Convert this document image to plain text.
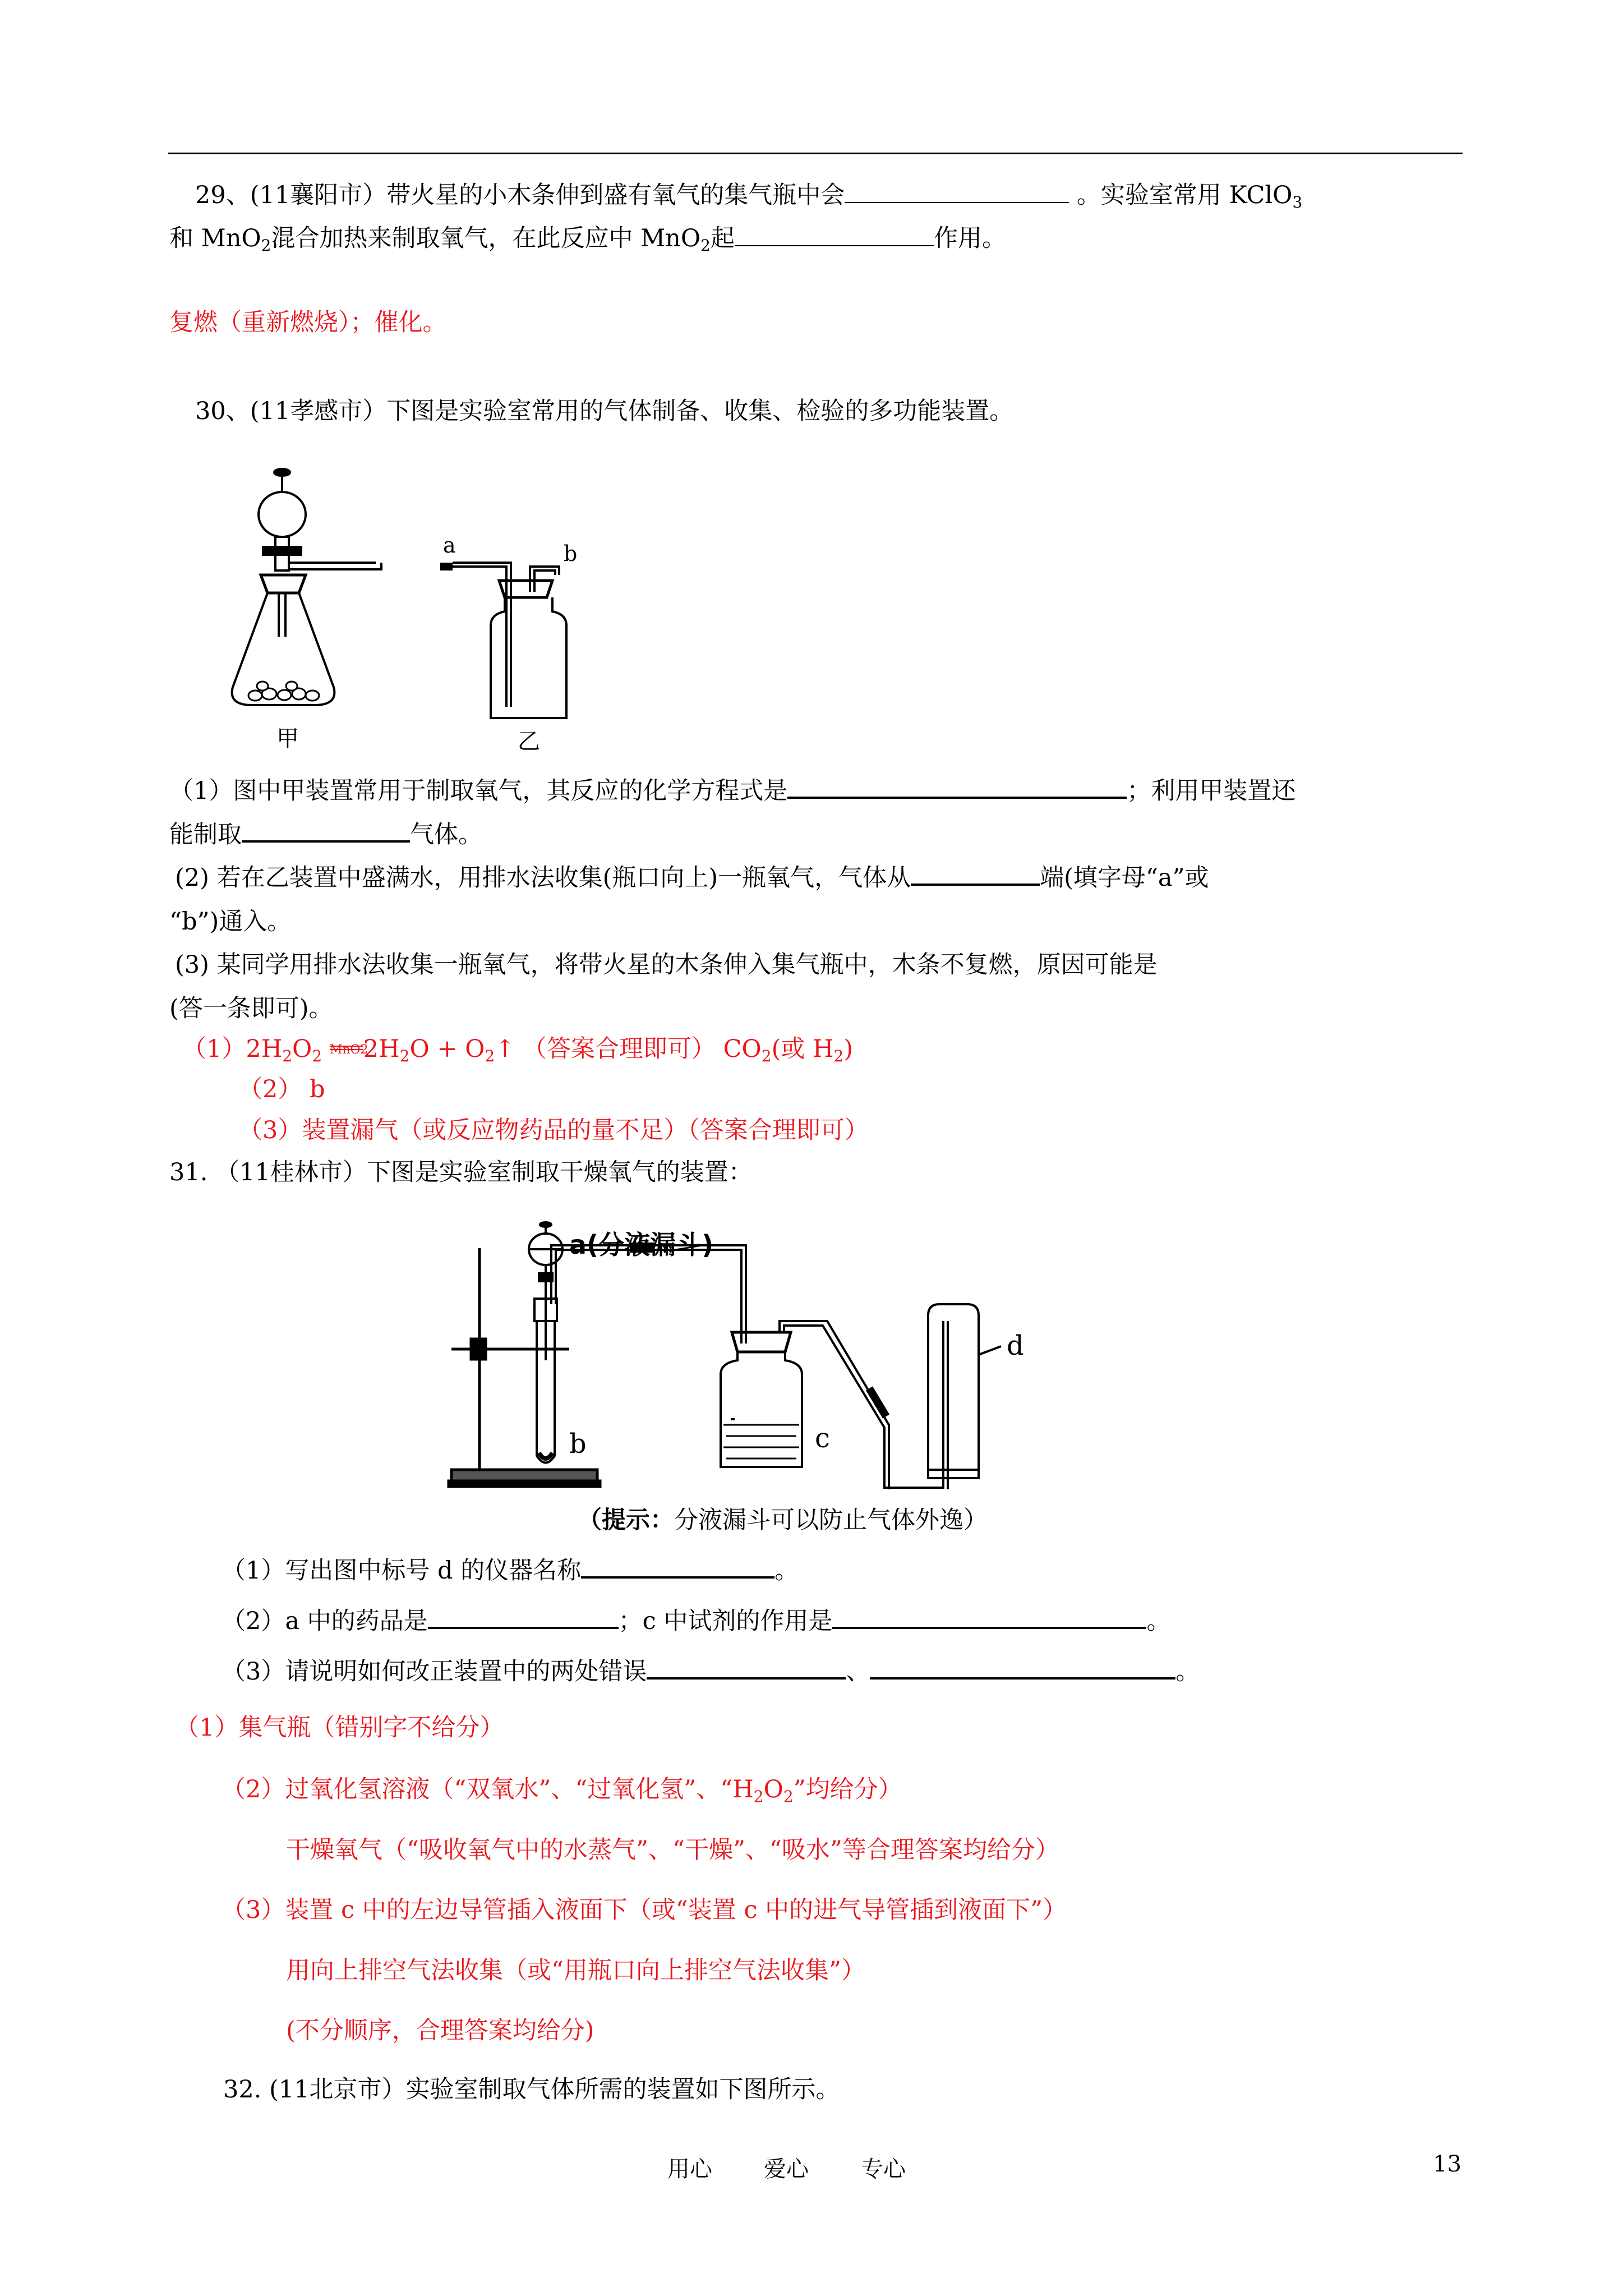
29、(11襄阳市）带火星的小木条伸到盛有氧气的集气瓶中会	。实验室常用 KClO$_3$
和 MnO$_2$混合加热来制取氧气，在此反应中 MnO$_2$起	作用。
复燃（重新燃烧）；催化。
30、(11孝感市）下图是实验室常用的气体制备、收集、检验的多功能装置。
甲
a	b
乙
（1）图中甲装置常用于制取氧气，其反应的化学方程式是	；利用甲装置还
能制取	气体。
(2) 若在乙装置中盛满水，用排水法收集(瓶口向上)一瓶氧气，气体从	端(填字母“a”或
“b”)通入。
(3) 某同学用排水法收集一瓶氧气，将带火星的木条伸入集气瓶中，木条不复燃，原因可能是
(答一条即可)。
$(1)2H_2O_2$ MnO2
$2H_2O$ + $O_2↑$ （答案合理即可） $CO_2$(或 $H_2$)
（2） b
（3）装置漏气（或反应物药品的量不足）（答案合理即可）
31. （11桂林市）下图是实验室制取干燥氧气的装置：
a(分液漏斗)
b	c
d
（提示：分液漏斗可以防止气体外逸）
（1）写出图中标号 d 的仪器名称	。
（2）a 中的药品是	；c 中试剂的作用是	。
（3）请说明如何改正装置中的两处错误	、	。
（1）集气瓶（错别字不给分）
（2）过氧化氢溶液（“双氧水”、“过氧化氢”、“$H_2O_2$”均给分）
干燥氧气（“吸收氧气中的水蒸气”、“干燥”、“吸水”等合理答案均给分）
（3）装置 c 中的左边导管插入液面下（或“装置 c 中的进气导管插到液面下”）
用向上排空气法收集（或“用瓶口向上排空气法收集”）
(不分顺序，合理答案均给分)
32. (11北京市）实验室制取气体所需的装置如下图所示。
用心 爱心 专心	13
